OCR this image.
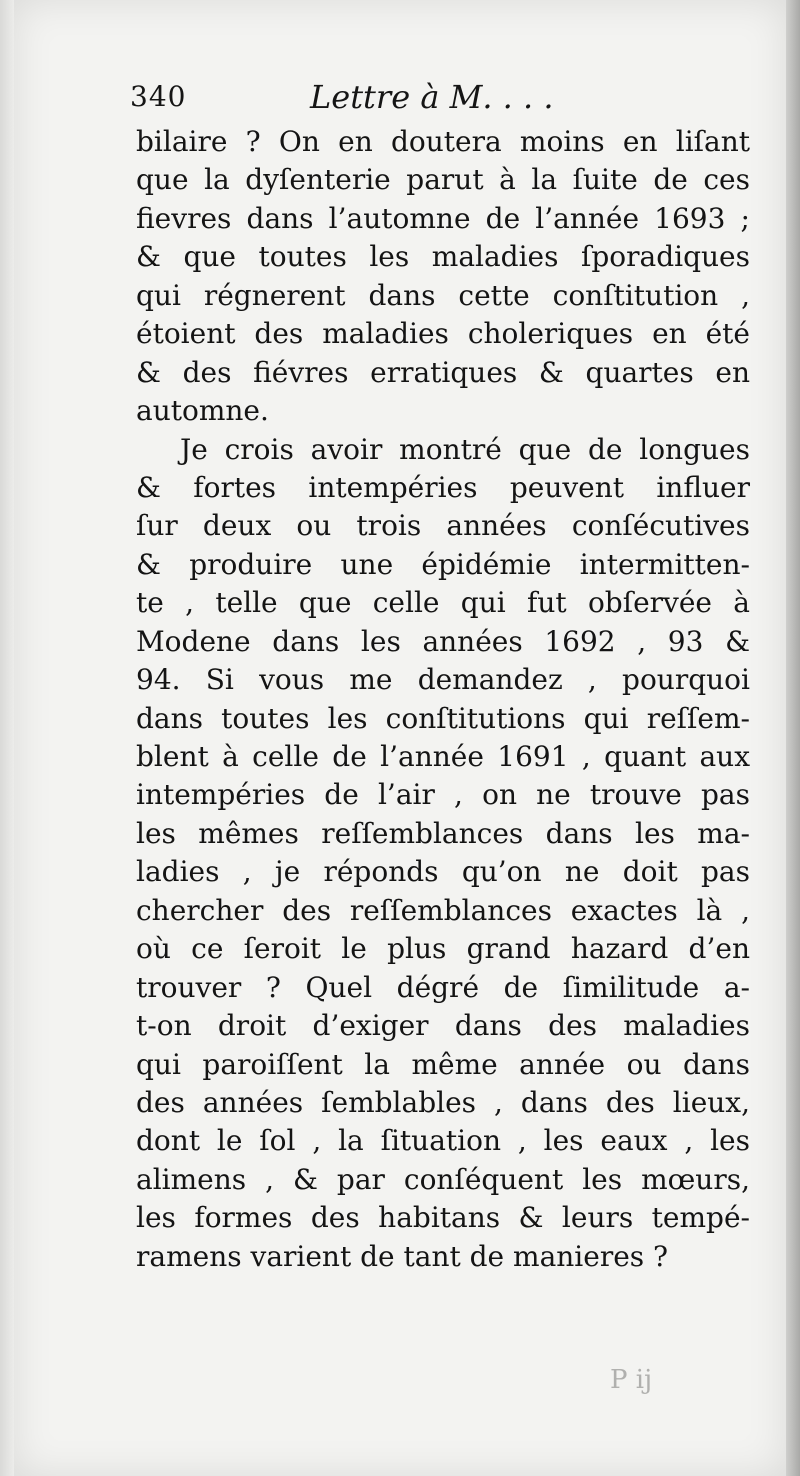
340	Lettre à M. . . .
bilaire ? On en doutera moins en liſant
que la dyſenterie parut à la ſuite de ces
fievres dans l’automne de l’année 1693 ;
& que toutes les maladies ſporadiques
qui régnerent dans cette conſtitution ,
étoient des maladies choleriques en été
& des fiévres erratiques & quartes en
automne.
Je crois avoir montré que de longues
& fortes intempéries peuvent influer
ſur deux ou trois années conſécutives
& produire une épidémie intermitten-
te , telle que celle qui fut obſervée à
Modene dans les années 1692 , 93 &
94. Si vous me demandez , pourquoi
dans toutes les conſtitutions qui reſſem-
blent à celle de l’année 1691 , quant aux
intempéries de l’air , on ne trouve pas
les mêmes reſſemblances dans les ma-
ladies , je réponds qu’on ne doit pas
chercher des reſſemblances exactes là ,
où ce ſeroit le plus grand hazard d’en
trouver ? Quel dégré de ſimilitude a-
t-on droit d’exiger dans des maladies
qui paroiſſent la même année ou dans
des années ſemblables , dans des lieux,
dont le ſol , la ſituation , les eaux , les
alimens , & par conſéquent les mœurs,
les formes des habitans & leurs tempé-
ramens varient de tant de manieres ?
P ij
